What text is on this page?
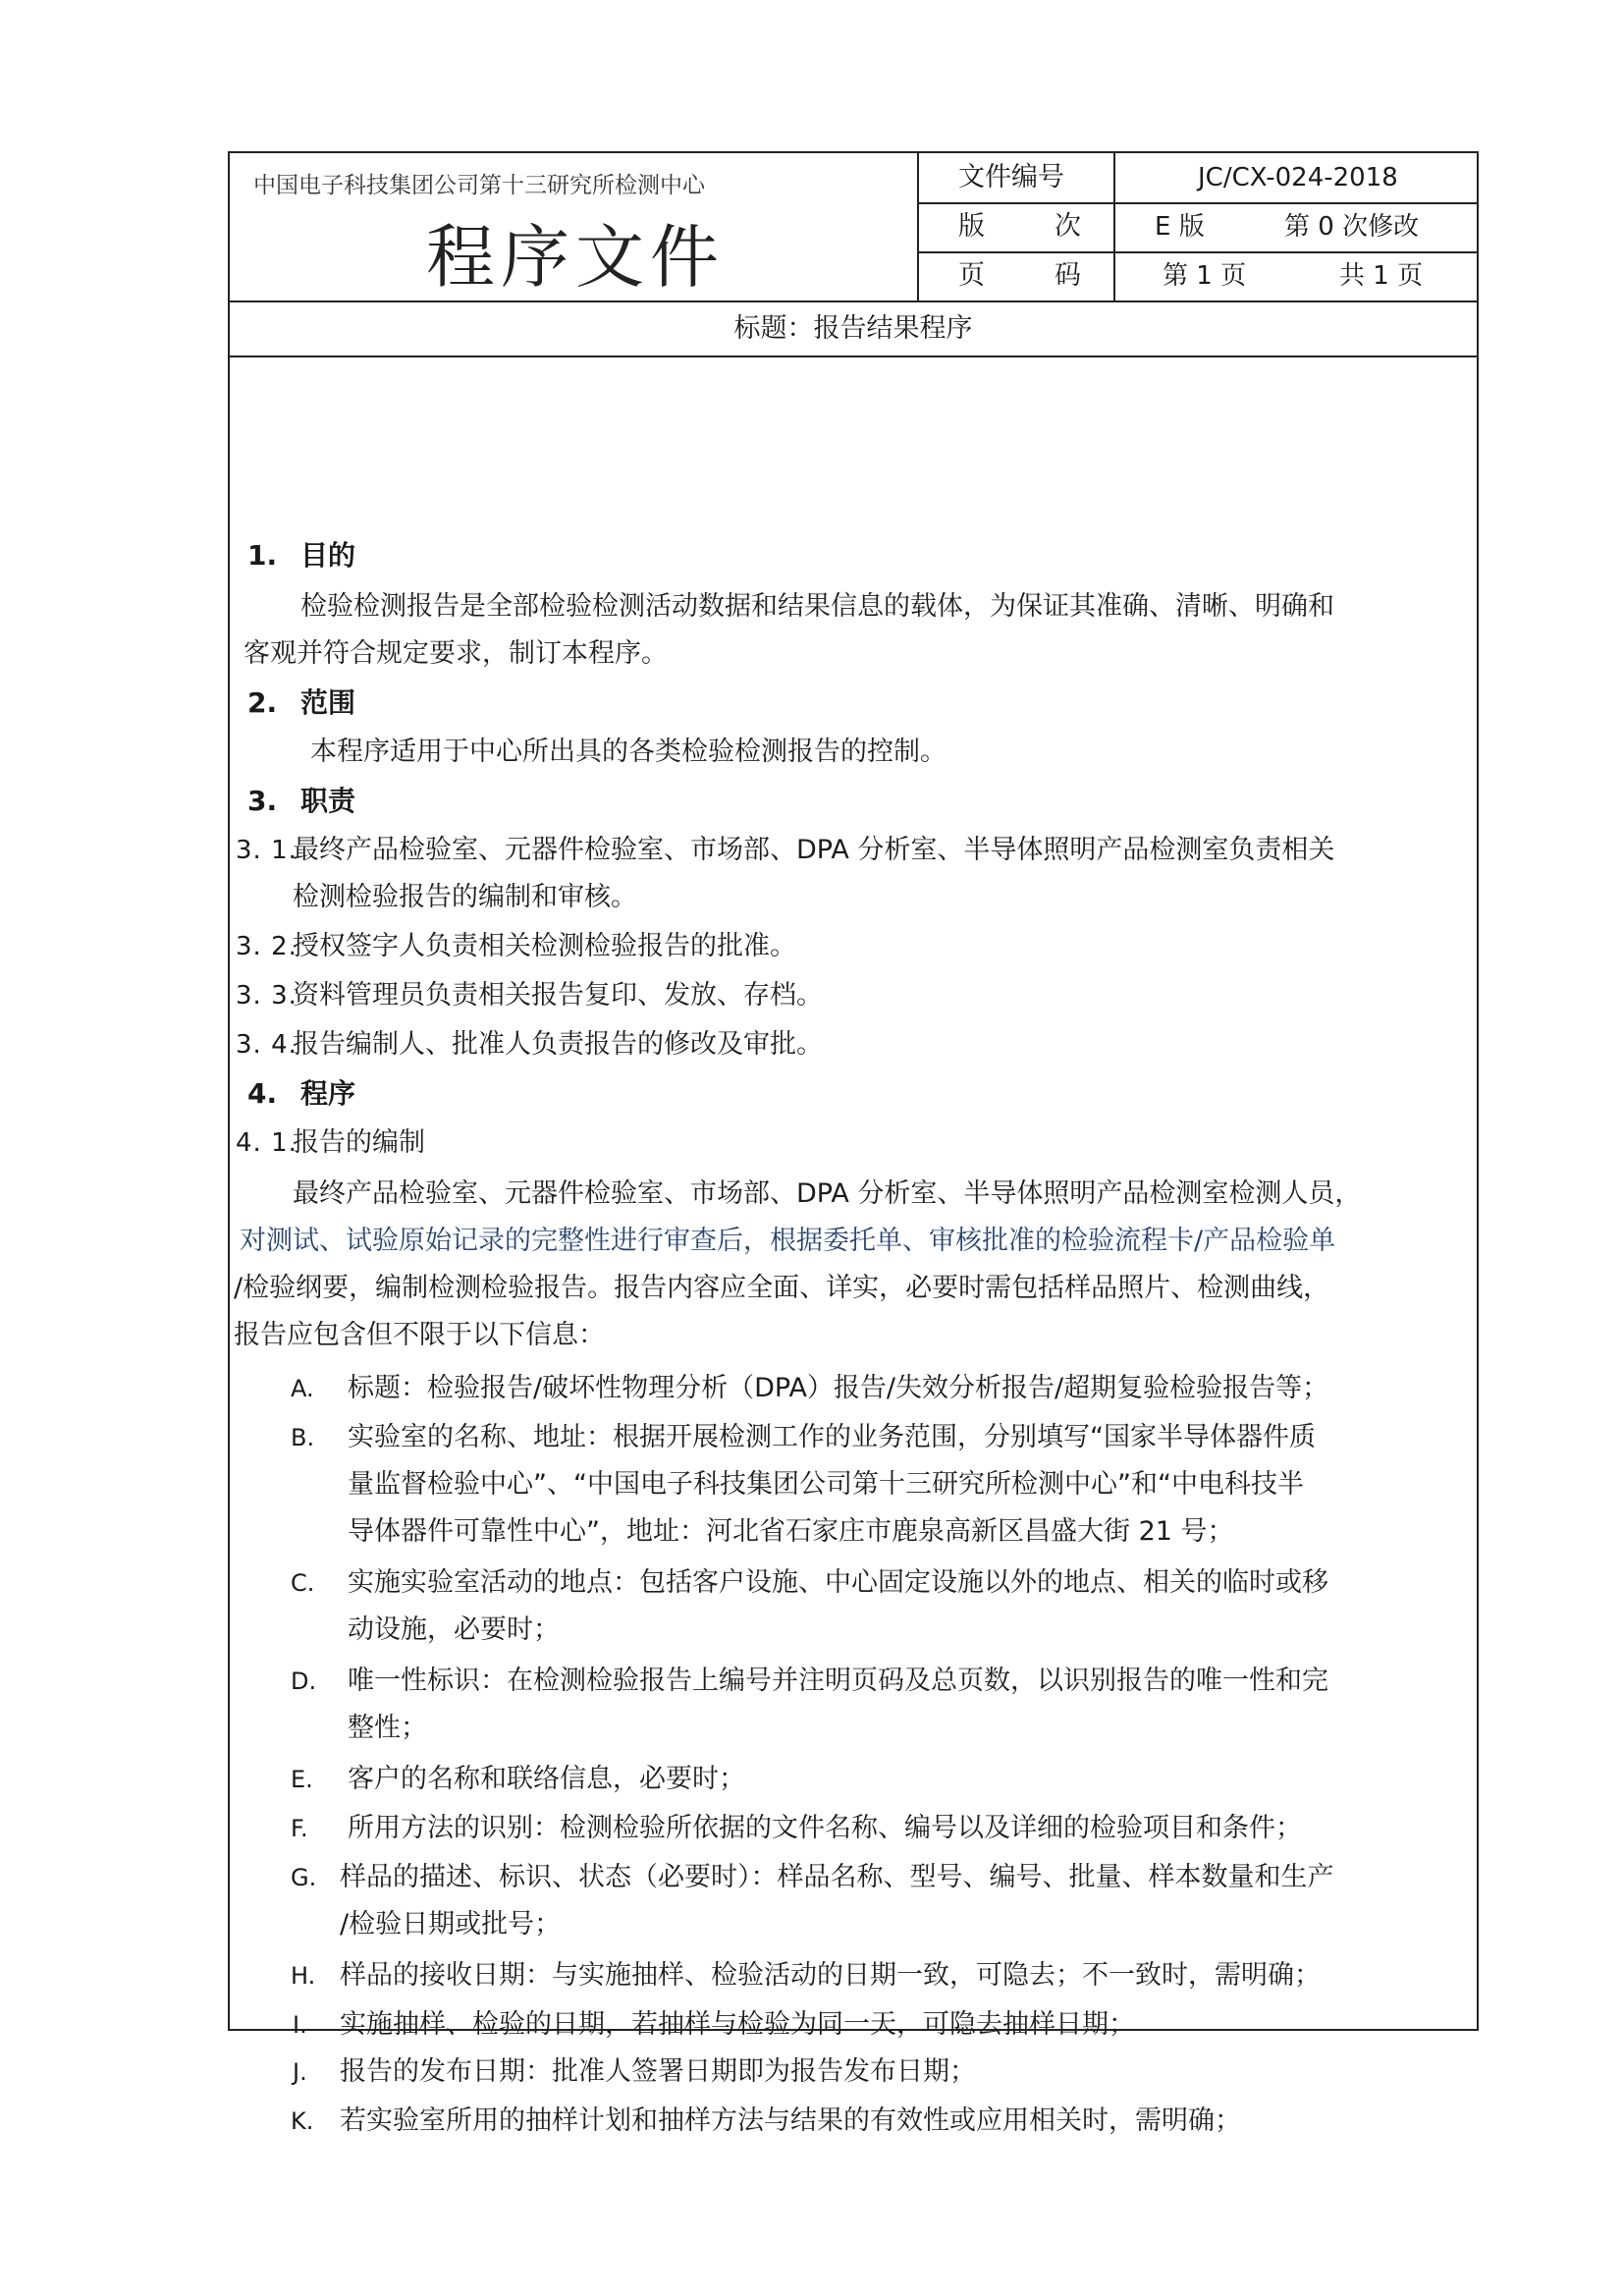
中国电子科技集团公司第十三研究所检测中心
程序文件
文件编号	JC/CX-024-2018
版	次	E 版	第 0 次修改
页	码	第 1 页	共 1 页
标题：报告结果程序
1. 目的
检验检测报告是全部检验检测活动数据和结果信息的载体，为保证其准确、清晰、明确和
客观并符合规定要求，制订本程序。
2. 范围
本程序适用于中心所出具的各类检验检测报告的控制。
3. 职责
3. 1.
最终产品检验室、元器件检验室、市场部、DPA 分析室、半导体照明产品检测室负责相关
检测检验报告的编制和审核。
3. 2.
授权签字人负责相关检测检验报告的批准。
3. 3.
资料管理员负责相关报告复印、发放、存档。
3. 4.
报告编制人、批准人负责报告的修改及审批。
4. 程序
4. 1.
报告的编制
最终产品检验室、元器件检验室、市场部、DPA 分析室、半导体照明产品检测室检测人员，
对测试、试验原始记录的完整性进行审查后，根据委托单、审核批准的检验流程卡/产品检验单
/检验纲要，编制检测检验报告。报告内容应全面、详实，必要时需包括样品照片、检测曲线，
报告应包含但不限于以下信息：
A. 标题：检验报告/破坏性物理分析（DPA）报告/失效分析报告/超期复验检验报告等；
B. 实验室的名称、地址：根据开展检测工作的业务范围，分别填写“国家半导体器件质
量监督检验中心”、“中国电子科技集团公司第十三研究所检测中心”和“中电科技半
导体器件可靠性中心”，地址：河北省石家庄市鹿泉高新区昌盛大街 21 号；
C. 实施实验室活动的地点：包括客户设施、中心固定设施以外的地点、相关的临时或移
动设施，必要时；
D. 唯一性标识：在检测检验报告上编号并注明页码及总页数，以识别报告的唯一性和完
整性；
E. 客户的名称和联络信息，必要时；
F. 所用方法的识别：检测检验所依据的文件名称、编号以及详细的检验项目和条件；
G. 样品的描述、标识、状态（必要时）：样品名称、型号、编号、批量、样本数量和生产
/检验日期或批号；
H. 样品的接收日期：与实施抽样、检验活动的日期一致，可隐去；不一致时，需明确；
I. 实施抽样、检验的日期，若抽样与检验为同一天，可隐去抽样日期；
J. 报告的发布日期：批准人签署日期即为报告发布日期；
K. 若实验室所用的抽样计划和抽样方法与结果的有效性或应用相关时，需明确；
